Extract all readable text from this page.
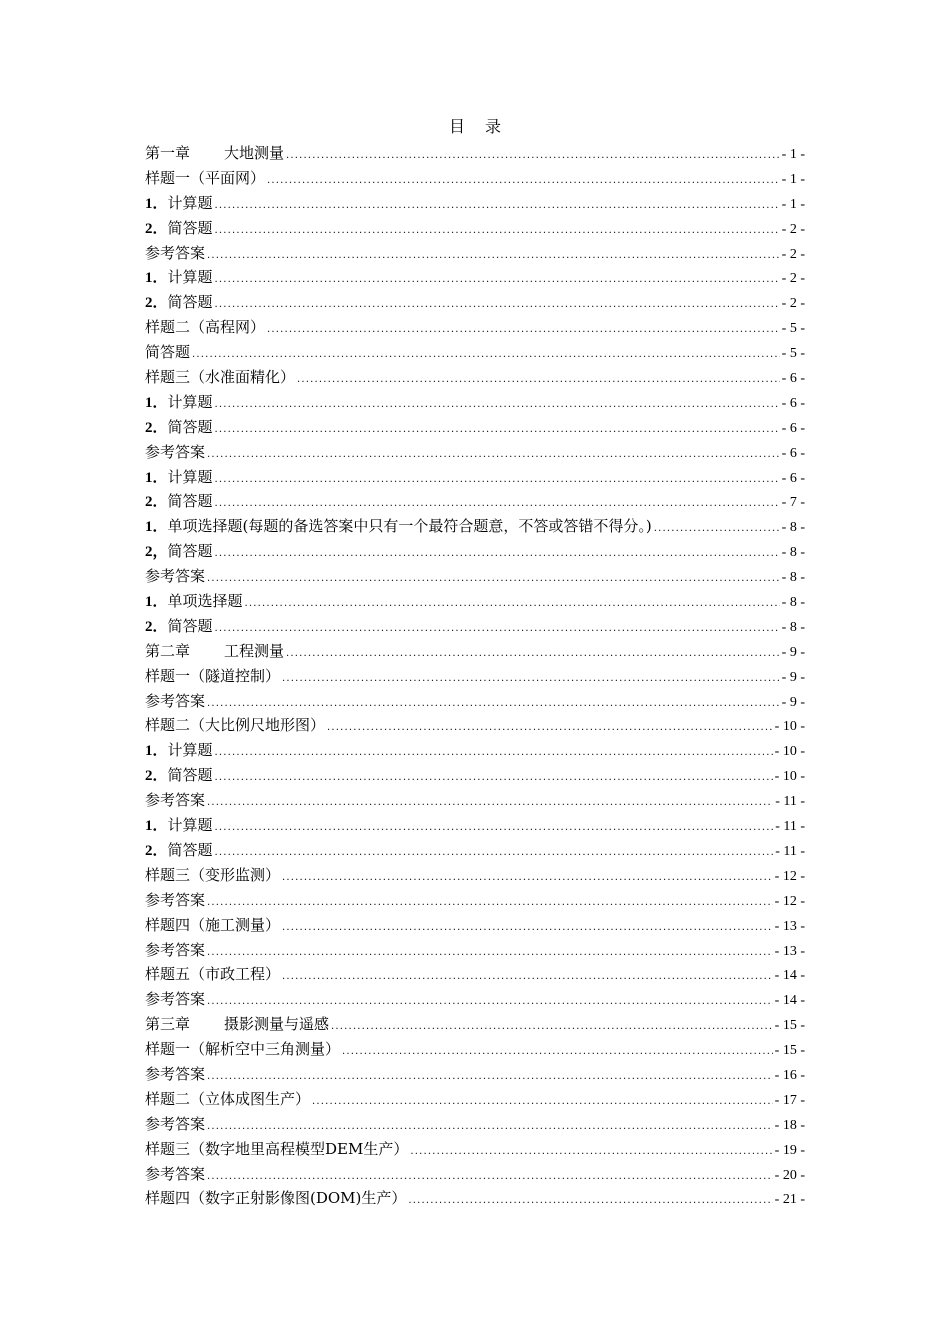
目 录
第一章 大地测量 .....	- 1 -
样题一（平面网） .....	- 1 -
1．计算题 .....	- 1 -
2．简答题 .....	- 2 -
参考答案 .....	- 2 -
1．计算题 .....	- 2 -
2．简答题 .....	- 2 -
样题二（高程网） .....	- 5 -
简答题 .....	- 5 -
样题三（水准面精化） .....	- 6 -
1．计算题 .....	- 6 -
2．简答题 .....	- 6 -
参考答案 .....	- 6 -
1．计算题 .....	- 6 -
2．简答题 .....	- 7 -
1．单项选择题(每题的备选答案中只有一个最符合题意，不答或答错不得分。) .....	- 8 -
2，简答题 .....	- 8 -
参考答案 .....	- 8 -
1．单项选择题 .....	- 8 -
2．简答题 .....	- 8 -
第二章 工程测量 .....	- 9 -
样题一（隧道控制） .....	- 9 -
参考答案 .....	- 9 -
样题二（大比例尺地形图） .....	- 10 -
1．计算题 .....	- 10 -
2．简答题 .....	- 10 -
参考答案 .....	- 11 -
1．计算题 .....	- 11 -
2．简答题 .....	- 11 -
样题三（变形监测） .....	- 12 -
参考答案 .....	- 12 -
样题四（施工测量） .....	- 13 -
参考答案 .....	- 13 -
样题五（市政工程） .....	- 14 -
参考答案 .....	- 14 -
第三章 摄影测量与遥感 .....	- 15 -
样题一（解析空中三角测量） .....	- 15 -
参考答案 .....	- 16 -
样题二（立体成图生产） .....	- 17 -
参考答案 .....	- 18 -
样题三（数字地里高程模型DEM生产） .....	- 19 -
参考答案 .....	- 20 -
样题四（数字正射影像图(DOM)生产） .....	- 21 -
